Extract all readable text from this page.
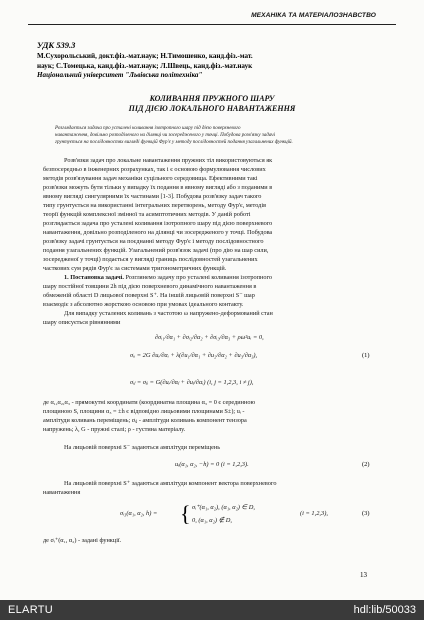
МЕХАНІКА ТА МАТЕРІАЛОЗНАВСТВО
УДК 539.3
М.Сухорольський, докт.фіз.-мат.наук; Н.Тимошенко, канд.фіз.-мат.
наук; С.Томецька, канд.фіз.-мат.наук; Л.Швець, канд.фіз.-мат.наук
Національний університет "Львівська політехніка"
КОЛИВАННЯ ПРУЖНОГО ШАРУ
ПІД ДІЄЮ ЛОКАЛЬНОГО НАВАНТАЖЕННЯ
Розглядається задача про усталені коливання ізотропного шару під дією поверхневого
навантаження, довільно розподіленого на ділянці чи зосередженого у точці. Побудова розв'язку задачі
грунтується на послідовностях вигляді функцій Фур'є у методу послідовностей подання узагальнених функцій.
Розв'язки задач про локальне навантаження пружних тіл використовуються як
безпосередньо в інженерних розрахунках, так і є основою формулювання числових
методів розв'язування задач механіки суцільного середовища. Ефективними такі
розв'язки можуть бути тільки у випадку їх подання в явному вигляді або з поданими в
явному вигляді сингулярними їх частинами [1-3]. Побудова розв'язку задач такого
типу грунтується на використанні інтегральних перетворень, методу Фур'є, методів
теорії функцій комплексної змінної та асимптотичних методів. У даній роботі
розглядається задача про усталені коливання ізотропного шару під дією поверхневого
навантаження, довільно розподіленого на ділянці чи зосередженого у точці. Побудова
розв'язку задачі грунтується на поєднанні методу Фур'є і методу послідовностного
подання узагальнених функцій. Узагальнений розв'язок задачі (про дію на шар сили,
зосередженої у точці) подається у вигляді границь послідовностей узагальнених
часткових сум рядів Фур'є за системами тригонометричних функцій.
1. Постановка задачі. Розглянемо задачу про усталені коливання ізотропного
шару постійної товщини 2h під дією поверхневого динамічного навантаження в
обмеженій області D лицьової поверхні S⁺. На іншій лицьовій поверхні S⁻ шар
взаємодіє з абсолютно жорсткою основою при умовах ідеального контакту.
Для випадку усталених коливань з частотою ω напружено-деформований стан
шару описується рівняннями
∂σᵢ₁/∂α₁ + ∂σᵢ₂/∂α₂ + ∂σᵢ₃/∂α₃ + ρω²uᵢ = 0,
σᵢᵢ = 2G ∂uᵢ/∂αᵢ + λ(∂u₁/∂α₁ + ∂u₂/∂α₂ + ∂u₃/∂α₃),	(1)
σᵢⱼ = σⱼᵢ = G(∂uᵢ/∂αⱼ + ∂uⱼ/∂αᵢ) (i, j = 1,2,3, i ≠ j),
де α₁,α₂,α₃ - прямокутні координати (координатна площина α₃ = 0 є серединною
площиною S, площини α₃ = ±h є відповідно лицьовими площинами S±); uᵢ -
амплітуди коливань переміщень; σᵢⱼ - амплітуди коливань компонент тензора
напружень; λ, G - пружні сталі; ρ - густина матеріалу.
На лицьовій поверхні S⁻ задаються амплітуди переміщень
uᵢ(α₁, α₂, −h) = 0 (i = 1,2,3).	(2)
На лицьовій поверхні S⁺ задаються амплітуди компонент вектора поверхневого
навантаження
σᵢ₃(α₁, α₂, h) =	{ σᵢ⁺(α₁, α₂), (α₁, α₂) ∈ D,
0, (α₁, α₂) ∉ D,
(i = 1,2,3),	(3)
де σᵢ⁺(α₁, α₂) - задані функції.
13
ELARTU	hdl:lib/50033
